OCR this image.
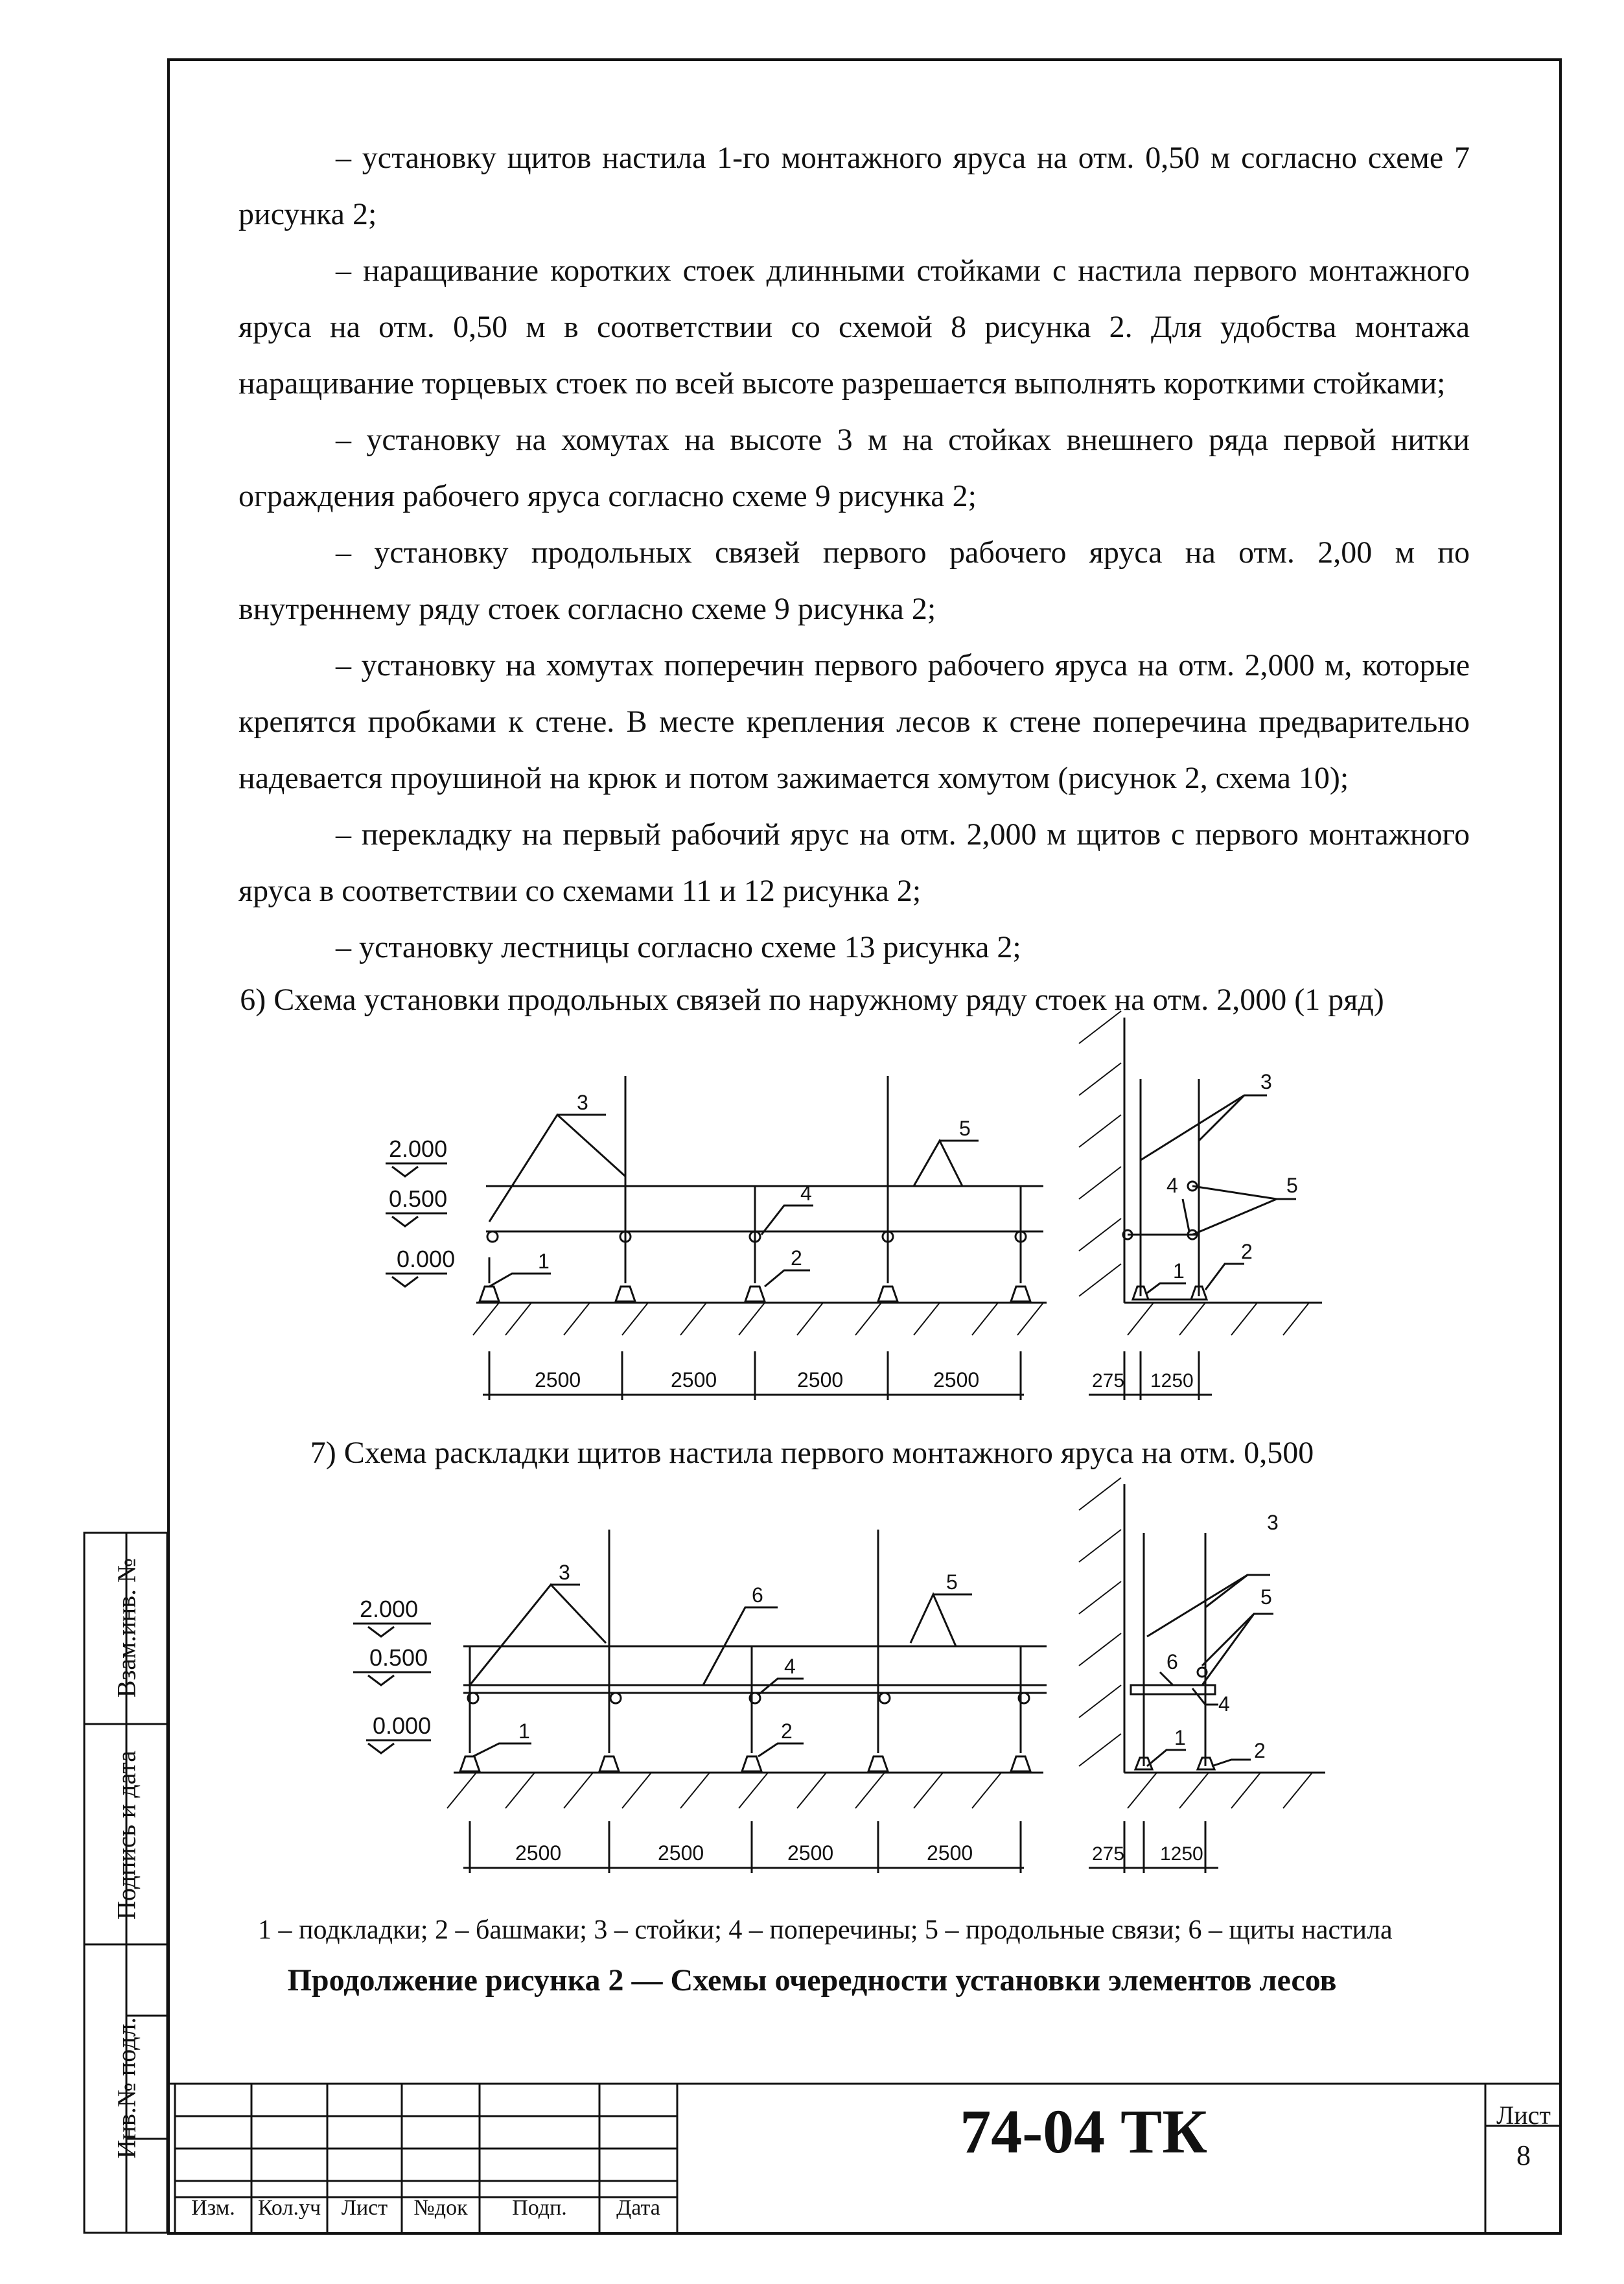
– установку щитов настила 1-го монтажного яруса на отм. 0,50 м согласно схеме 7 рисунка 2;

– наращивание коротких стоек длинными стойками с настила первого монтажного яруса на отм. 0,50 м в соответствии со схемой 8 рисунка 2. Для удобства монтажа наращивание торцевых стоек по всей высоте разрешается выполнять короткими стойками;

– установку на хомутах на высоте 3 м на стойках внешнего ряда первой нитки ограждения рабочего яруса согласно схеме 9 рисунка 2;

– установку продольных связей первого рабочего яруса на отм. 2,00 м по внутреннему ряду стоек согласно схеме 9 рисунка 2;

– установку на хомутах поперечин первого рабочего яруса на отм. 2,000 м, которые крепятся пробками к стене. В месте крепления лесов к стене поперечина предварительно надевается проушиной на крюк и потом зажимается хомутом (рисунок 2, схема 10);

– перекладку на первый рабочий ярус на отм. 2,000 м щитов с первого монтажного яруса в соответствии со схемами 11 и 12 рисунка 2;

– установку лестницы согласно схеме 13 рисунка 2;

6) Схема установки продольных связей по наружному ряду стоек на отм. 2,000 (1 ряд)
7) Схема раскладки щитов настила первого монтажного яруса на отм. 0,500
2.000
0.500
0.000
3
5
4
2
1
2500	2500	2500	2500	275 1250
3
4	5
2
1
2.000
0.500
0.000
3
6
5
4
2
1
2500	2500	2500	2500	275 1250
3
5
6
4
1
2
Взам.инв. №
Подпись и дата
Инв.№ подл.
1 – подкладки; 2 – башмаки; 3 – стойки; 4 – поперечины; 5 – продольные связи; 6 – щиты настила
Продолжение рисунка 2 — Схемы очередности установки элементов лесов
74-04 ТК	Лист
8
Изм.	Кол.уч Лист	№док	Подп.	Дата
